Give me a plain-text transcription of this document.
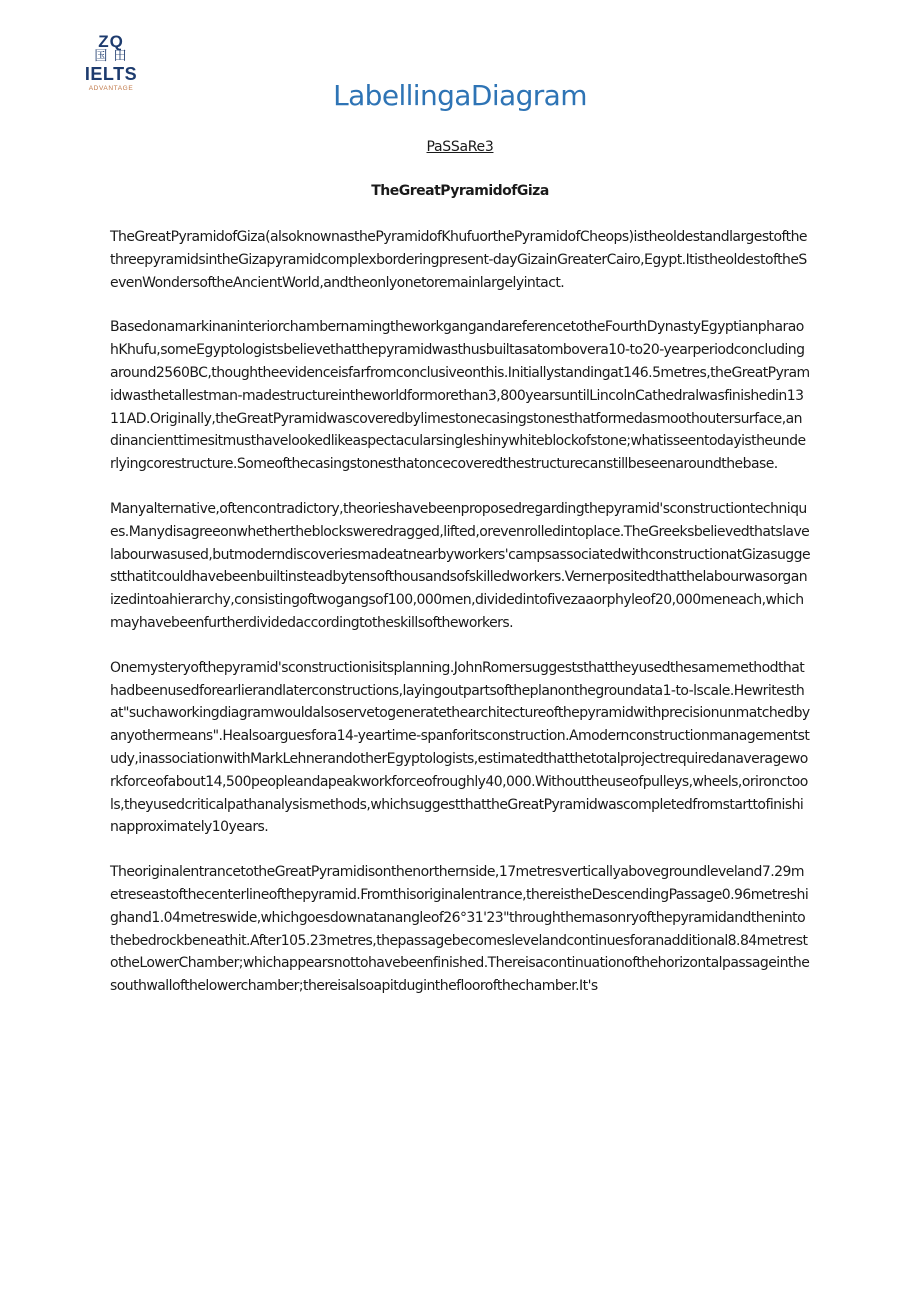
ZQ
国 田
IELTS
ADVANTAGE	LabellingaDiagram
PaSSaRe3
TheGreatPyramidofGiza

TheGreatPyramidofGiza(alsoknownasthePyramidofKhufuorthePyramidofCheops)istheoldestandlargestofthethreepyramidsintheGizapyramidcomplexborderingpresent-dayGizainGreaterCairo,Egypt.ItistheoldestoftheSevenWondersoftheAncientWorld,andtheonlyonetoremainlargelyintact.

BasedonamarkinaninteriorchambernamingtheworkgangandareferencetotheFourthDynastyEgyptianpharaohKhufu,someEgyptologistsbelievethatthepyramidwasthusbuiltasatombovera10-to20-yearperiodconcludingaround2560BC,thoughtheevidenceisfarfromconclusiveonthis.Initiallystandingat146.5metres,theGreatPyramidwasthetallestman-madestructureintheworldformorethan3,800yearsuntilLincolnCathedralwasfinishedin1311AD.Originally,theGreatPyramidwascoveredbylimestonecasingstonesthatformedasmoothoutersurface,andinancienttimesitmusthavelookedlikeaspectacularsingleshinywhiteblockofstone;whatisseentodayistheunderlyingcorestructure.Someofthecasingstonesthatoncecoveredthestructurecanstillbeseenaroundthebase.

Manyalternative,oftencontradictory,theorieshavebeenproposedregardingthepyramid'sconstructiontechniques.Manydisagreeonwhethertheblocksweredragged,lifted,orevenrolledintoplace.TheGreeksbelievedthatslavelabourwasused,butmoderndiscoveriesmadeatnearbyworkers'campsassociatedwithconstructionatGizasuggestthatitcouldhavebeenbuiltinsteadbytensofthousandsofskilledworkers.Vernerpositedthatthelabourwasorganizedintoahierarchy,consistingoftwogangsof100,000men,dividedintofivezaaorphyleof20,000meneach,whichmayhavebeenfurtherdividedaccordingtotheskillsoftheworkers.

Onemysteryofthepyramid'sconstructionisitsplanning.JohnRomersuggeststhattheyusedthesamemethodthathadbeenusedforearlierandlaterconstructions,layingoutpartsoftheplanonthegroundata1-to-lscale.Hewritesthat"suchaworkingdiagramwouldalsoservetogeneratethearchitectureofthepyramidwithprecisionunmatchedbyanyothermeans".Healsoarguesfora14-yeartime-spanforitsconstruction.Amodernconstructionmanagementstudy,inassociationwithMarkLehnerandotherEgyptologists,estimatedthatthetotalprojectrequiredanaverageworkforceofabout14,500peopleandapeakworkforceofroughly40,000.Withouttheuseofpulleys,wheels,orironctools,theyusedcriticalpathanalysismethods,whichsuggestthattheGreatPyramidwascompletedfromstarttofinishinapproximately10years.

TheoriginalentrancetotheGreatPyramidisonthenorthernside,17metresverticallyabovegroundleveland7.29metreseastofthecenterlineofthepyramid.Fromthisoriginalentrance,thereistheDescendingPassage0.96metreshighand1.04metreswide,whichgoesdownatanangleof26°31'23"throughthemasonryofthepyramidandthenintothebedrockbeneathit.After105.23metres,thepassagebecomeslevelandcontinuesforanadditional8.84metrestotheLowerChamber;whichappearsnottohavebeenfinished.Thereisacontinuationofthehorizontalpassageinthesouthwallofthelowerchamber;thereisalsoapitduginthefloorofthechamber.It's
